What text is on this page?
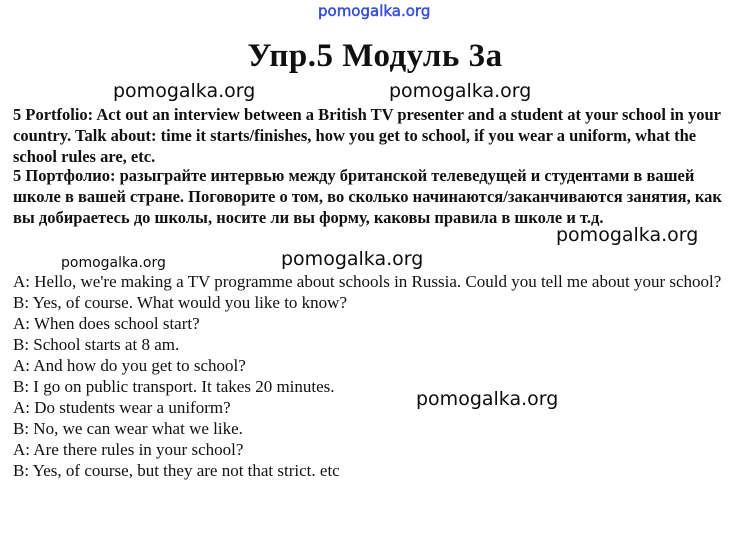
pomogalka.org
Упр.5 Модуль 3а
pomogalka.org	pomogalka.org
5 Portfolio: Act out an interview between a British TV presenter and a student at your school in your country. Talk about: time it starts/finishes, how you get to school, if you wear a uniform, what the school rules are, etc.
5 Портфолио: разыграйте интервью между британской телеведущей и студентами в вашей школе в вашей стране. Поговорите о том, во сколько начинаются/заканчиваются занятия, как вы добираетесь до школы, носите ли вы форму, каковы правила в школе и т.д.
pomogalka.org
pomogalka.org	pomogalka.org
A: Hello, we're making a TV programme about schools in Russia. Could you tell me about your school?
B: Yes, of course. What would you like to know?
A: When does school start?
B: School starts at 8 am.
A: And how do you get to school?
B: I go on public transport. It takes 20 minutes.
A: Do students wear a uniform?
B: No, we can wear what we like.
A: Are there rules in your school?
B: Yes, of course, but they are not that strict. etc
pomogalka.org
